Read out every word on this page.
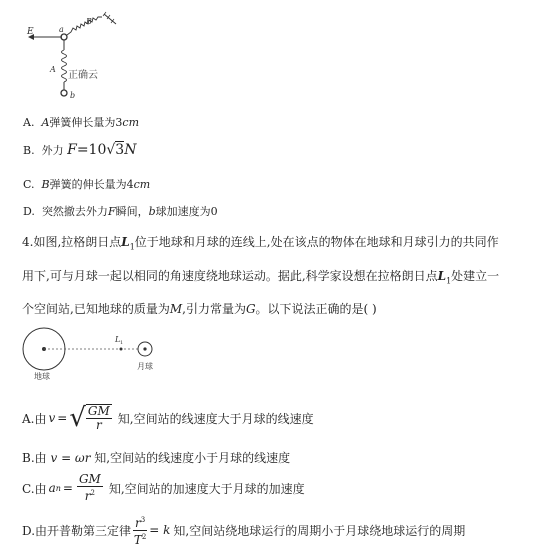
E	a
B
A
b
正确云
A. A弹簧伸长量为3cm
B. 外力 F=10√3N
C. B弹簧的伸长量为4cm
D. 突然撤去外力F瞬间，b球加速度为0
4.如图,拉格朗日点$L_1$位于地球和月球的连线上,处在该点的物体在地球和月球引力的共同作
用下,可与月球一起以相同的角速度绕地球运动。据此,科学家设想在拉格朗日点$L_1$处建立一
个空间站,已知地球的质量为M,引力常量为G。以下说法正确的是( )
L 1
地球
月球
A.由 v = √ $\frac{GM}{r}$ 知,空间站的线速度大于月球的线速度
B.由 v = ωr 知,空间站的线速度小于月球的线速度
C.由 a $n = \frac{GM}{r^2}$ 知,空间站的加速度大于月球的加速度
D.由开普勒第三定律 $\frac{r^3}{T^2} = k$ 知,空间站绕地球运行的周期小于月球绕地球运行的周期
